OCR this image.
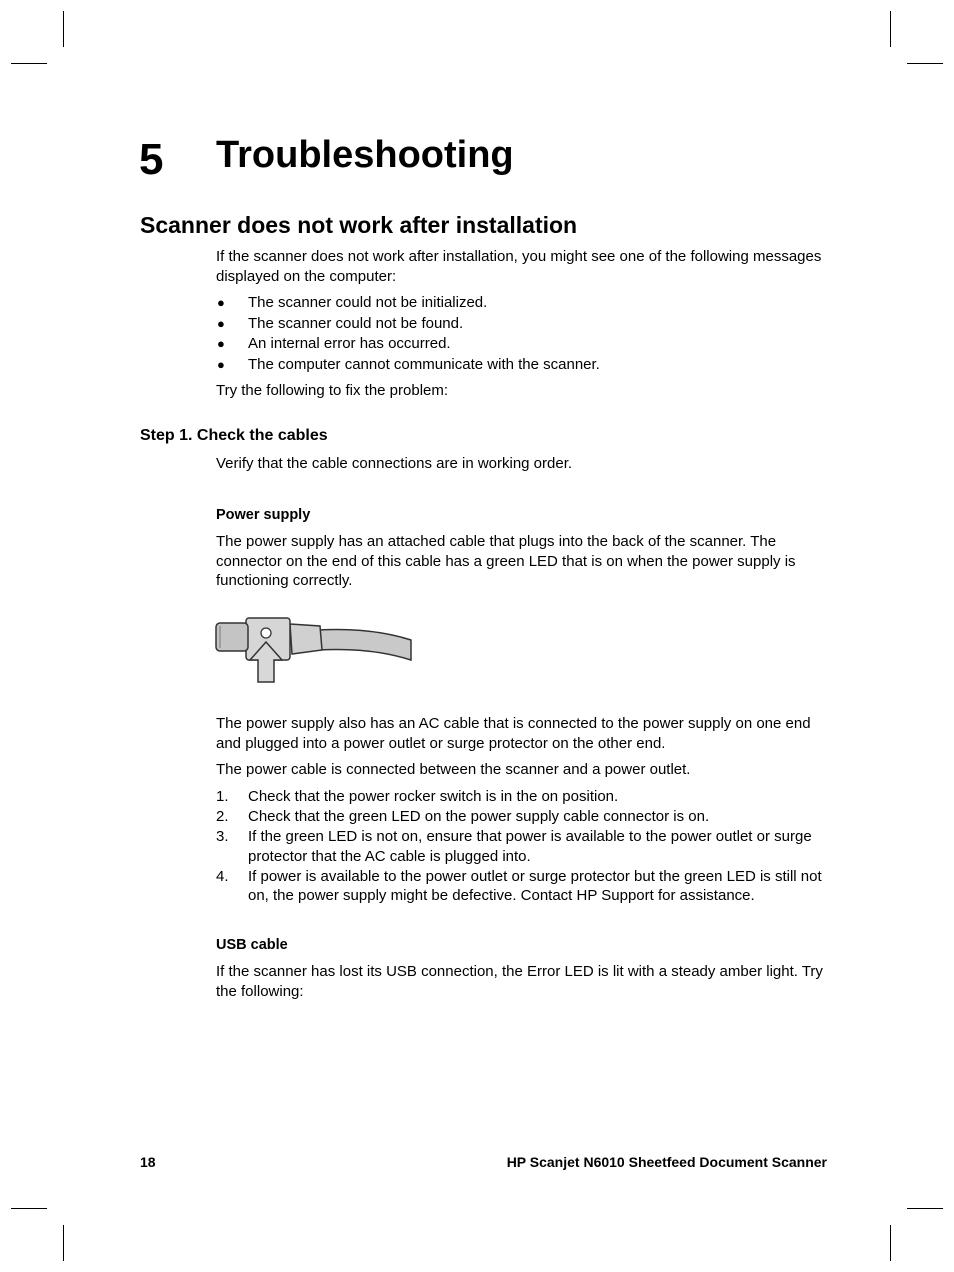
5 Troubleshooting
Scanner does not work after installation

If the scanner does not work after installation, you might see one of the following messages displayed on the computer:

● The scanner could not be initialized.
● The scanner could not be found.
● An internal error has occurred.
● The computer cannot communicate with the scanner.

Try the following to fix the problem:

Step 1. Check the cables

Verify that the cable connections are in working order.

Power supply

The power supply has an attached cable that plugs into the back of the scanner. The connector on the end of this cable has a green LED that is on when the power supply is functioning correctly.

The power supply also has an AC cable that is connected to the power supply on one end and plugged into a power outlet or surge protector on the other end.

The power cable is connected between the scanner and a power outlet.

1. Check that the power rocker switch is in the on position.
2. Check that the green LED on the power supply cable connector is on.
3. If the green LED is not on, ensure that power is available to the power outlet or surge protector that the AC cable is plugged into.
4. If power is available to the power outlet or surge protector but the green LED is still not on, the power supply might be defective. Contact HP Support for assistance.
USB cable

If the scanner has lost its USB connection, the Error LED is lit with a steady amber light. Try the following:

18	HP Scanjet N6010 Sheetfeed Document Scanner
